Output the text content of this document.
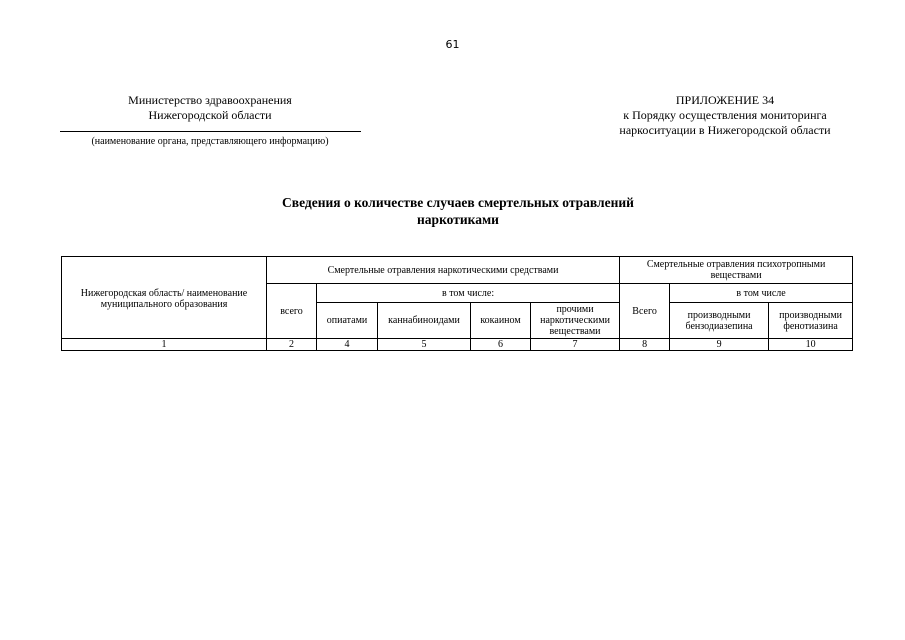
61
Министерство здравоохранения
Нижегородской области
(наименование органа, представляющего информацию)
ПРИЛОЖЕНИЕ 34
к Порядку осуществления мониторинга
наркоситуации в Нижегородской области
Сведения о количестве случаев смертельных отравлений
наркотиками
Нижегородская область/ наименование муниципального образования	Смертельные отравления наркотическими средствами					Смертельные отравления психотропными веществами		
	всего	в том числе:				Всего	в том числе	
		опиатами	каннабиноидами	кокаином	прочими наркотическими веществами		производными бензодиазепина	производными фенотиазина
1	2	4	5	6	7	8	9	10
